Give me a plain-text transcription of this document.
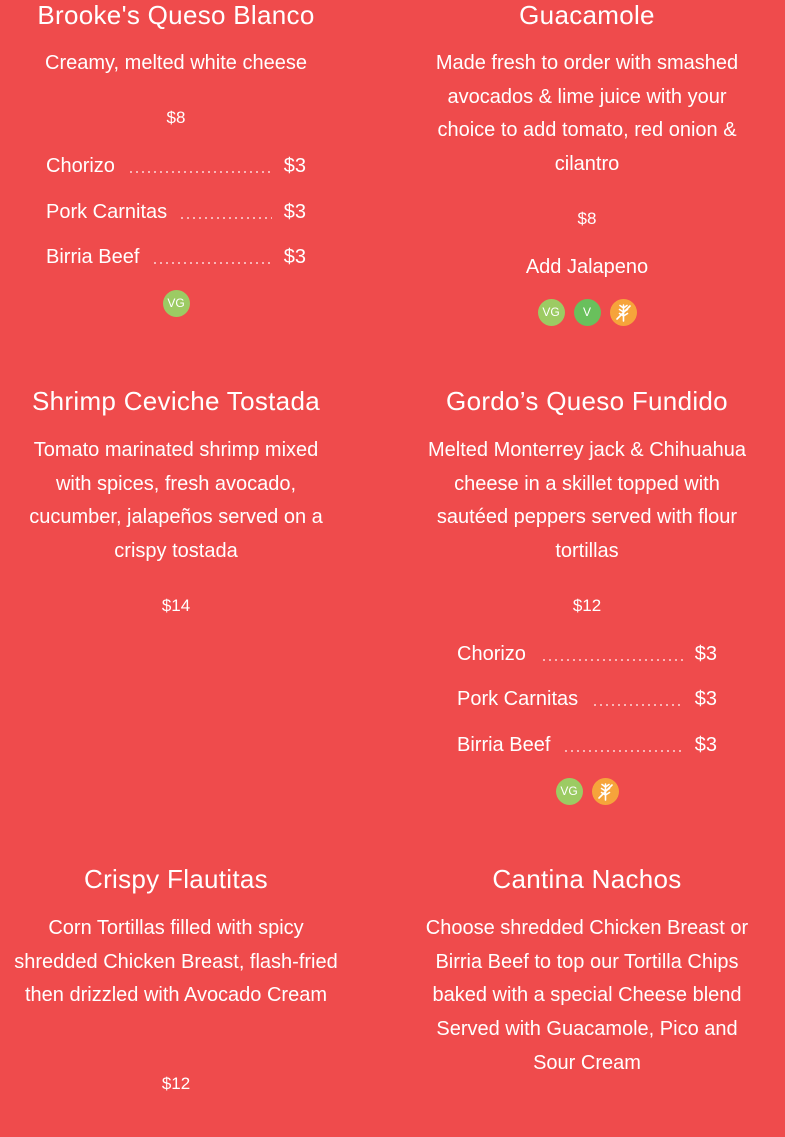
Brooke's Queso Blanco

Creamy, melted white cheese

$8

Chorizo	$3
Pork Carnitas	$3
Birria Beef	$3
VG
Guacamole

Made fresh to order with smashed avocados & lime juice with your choice to add tomato, red onion & cilantro

$8

Add Jalapeno

VG V
Shrimp Ceviche Tostada

Tomato marinated shrimp mixed with spices, fresh avocado, cucumber, jalapeños served on a crispy tostada

$14

Gordo’s Queso Fundido

Melted Monterrey jack & Chihuahua cheese in a skillet topped with sautéed peppers served with flour tortillas

$12

Chorizo	$3
Pork Carnitas	$3
Birria Beef	$3
VG
Crispy Flautitas

Corn Tortillas filled with spicy shredded Chicken Breast, flash-fried then drizzled with Avocado Cream

$12

Cantina Nachos

Choose shredded Chicken Breast or Birria Beef to top our Tortilla Chips baked with a special Cheese blend Served with Guacamole, Pico and Sour Cream
